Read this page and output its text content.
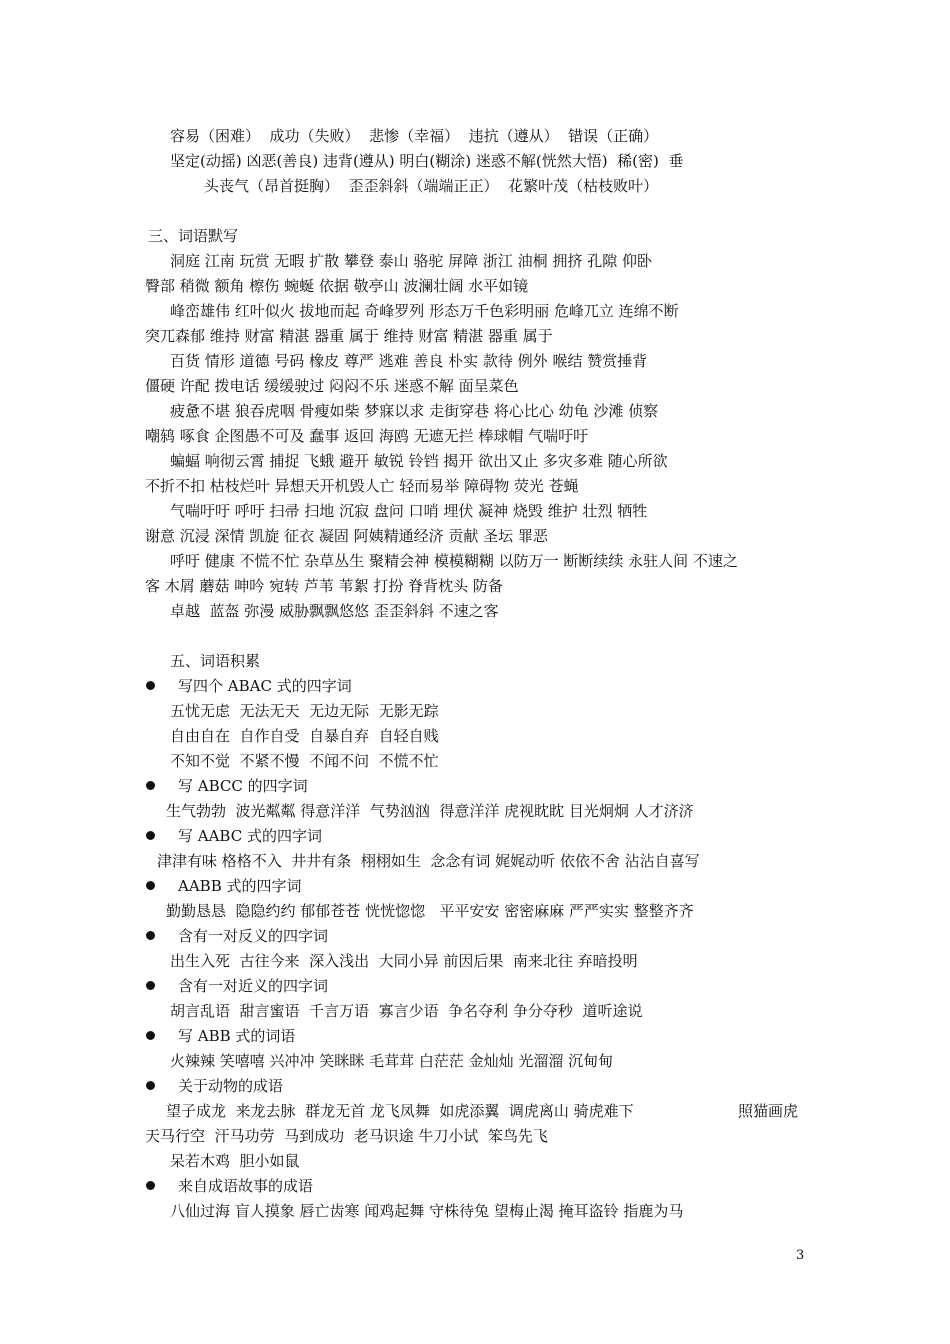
容易（困难）  成功（失败）  悲惨（幸福）  违抗（遵从）  错误（正确）
坚定(动摇) 凶恶(善良) 违背(遵从) 明白(糊涂) 迷惑不解(恍然大悟)  稀(密)  垂
头丧气（昂首挺胸）  歪歪斜斜（端端正正）  花繁叶茂（枯枝败叶）
三、词语默写
洞庭 江南 玩赏 无暇 扩散 攀登 泰山 骆驼 屏障 浙江 油桐 拥挤 孔隙 仰卧
臀部 稍微 额角 檫伤 蜿蜒 依据 敬亭山 波澜壮阔 水平如镜
峰峦雄伟 红叶似火 拔地而起 奇峰罗列 形态万千色彩明丽 危峰兀立 连绵不断
突兀森郁 维持 财富 精湛 器重 属于 维持 财富 精湛 器重 属于
百货 情形 道德 号码 橡皮 尊严 逃难 善良 朴实 款待 例外 喉结 赞赏捶背
僵硬 许配 拨电话 缓缓驶过 闷闷不乐 迷惑不解 面呈菜色
疲惫不堪 狼吞虎咽 骨瘦如柴 梦寐以求 走街穿巷 将心比心 幼龟 沙滩 侦察
嘲鸫 啄食 企图愚不可及 蠢事 返回 海鸥 无遮无拦 棒球帽 气喘吁吁
蝙蝠 响彻云霄 捕捉 飞蛾 避开 敏锐 铃铛 揭开 欲出又止 多灾多难 随心所欲
不折不扣 枯枝烂叶 异想天开机毁人亡 轻而易举 障碍物 荧光 苍蝇
气喘吁吁 呼吁 扫帚 扫地 沉寂 盘问 口哨 埋伏 凝神 烧毁 维护 壮烈 牺牲
谢意 沉浸 深情 凯旋 征衣 凝固 阿姨精通经济 贡献 圣坛 罪恶
呼吁 健康 不慌不忙 杂草丛生 聚精会神 模模糊糊 以防万一 断断续续 永驻人间 不速之
客 木屑 蘑菇 呻吟 宛转 芦苇 苇絮 打扮 脊背枕头 防备
卓越  蓝盔 弥漫 威胁飘飘悠悠 歪歪斜斜 不速之客
五、词语积累
写四个 ABAC 式的四字词
五忧无虑  无法无天  无边无际  无影无踪
自由自在  自作自受  自暴自弃  自轻自贱
不知不觉  不紧不慢  不闻不问  不慌不忙
写 ABCC 的四字词
生气勃勃  波光粼粼 得意洋洋  气势汹汹  得意洋洋 虎视眈眈 目光炯炯 人才济济
写 AABC 式的四字词
津津有味 格格不入  井井有条  栩栩如生  念念有词 娓娓动听 依依不舍 沾沾自喜写
AABB 式的四字词
勤勤恳恳  隐隐约约 郁郁苍苍 恍恍惚惚   平平安安 密密麻麻 严严实实 整整齐齐
含有一对反义的四字词
出生入死  古往今来  深入浅出  大同小异 前因后果  南来北往 弃暗投明
含有一对近义的四字词
胡言乱语  甜言蜜语  千言万语  寡言少语  争名夺利 争分夺秒  道听途说
写 ABB 式的词语
火辣辣 笑嘻嘻 兴冲冲 笑眯眯 毛茸茸 白茫茫 金灿灿 光溜溜 沉甸甸
关于动物的成语
望子成龙  来龙去脉  群龙无首 龙飞凤舞  如虎添翼  调虎离山 骑虎难下	照猫画虎
天马行空  汗马功劳  马到成功  老马识途 牛刀小试  笨鸟先飞
呆若木鸡  胆小如鼠
来自成语故事的成语
八仙过海 盲人摸象 唇亡齿寒 闻鸡起舞 守株待兔 望梅止渴 掩耳盗铃 指鹿为马
3
